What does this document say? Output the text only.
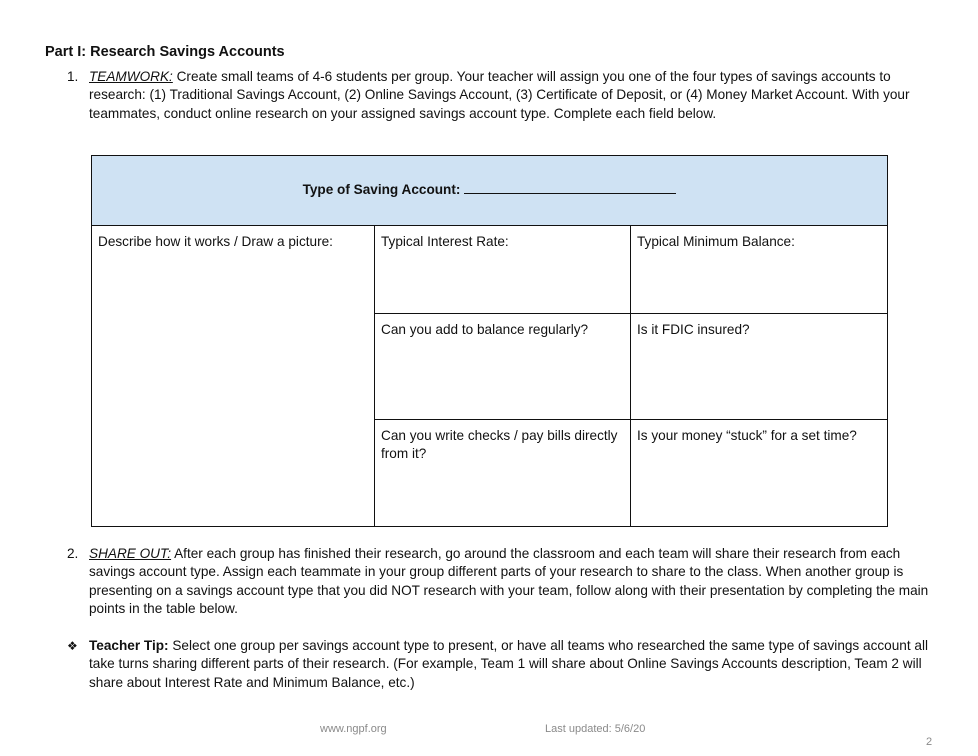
Part I: Research Savings Accounts
1. TEAMWORK: Create small teams of 4-6 students per group. Your teacher will assign you one of the four types of savings accounts to research: (1) Traditional Savings Account, (2) Online Savings Account, (3) Certificate of Deposit, or (4) Money Market Account. With your teammates, conduct online research on your assigned savings account type. Complete each field below.
Type of Saving Account:		
Describe how it works / Draw a picture:	Typical Interest Rate:	Typical Minimum Balance:
	Can you add to balance regularly?	Is it FDIC insured?
	Can you write checks / pay bills directly from it?	Is your money “stuck” for a set time?
2. SHARE OUT: After each group has finished their research, go around the classroom and each team will share their research from each savings account type. Assign each teammate in your group different parts of your research to share to the class. When another group is presenting on a savings account type that you did NOT research with your team, follow along with their presentation by completing the main points in the table below.
❖ Teacher Tip: Select one group per savings account type to present, or have all teams who researched the same type of savings account all take turns sharing different parts of their research. (For example, Team 1 will share about Online Savings Accounts description, Team 2 will share about Interest Rate and Minimum Balance, etc.)
www.ngpf.org	Last updated: 5/6/20
2
